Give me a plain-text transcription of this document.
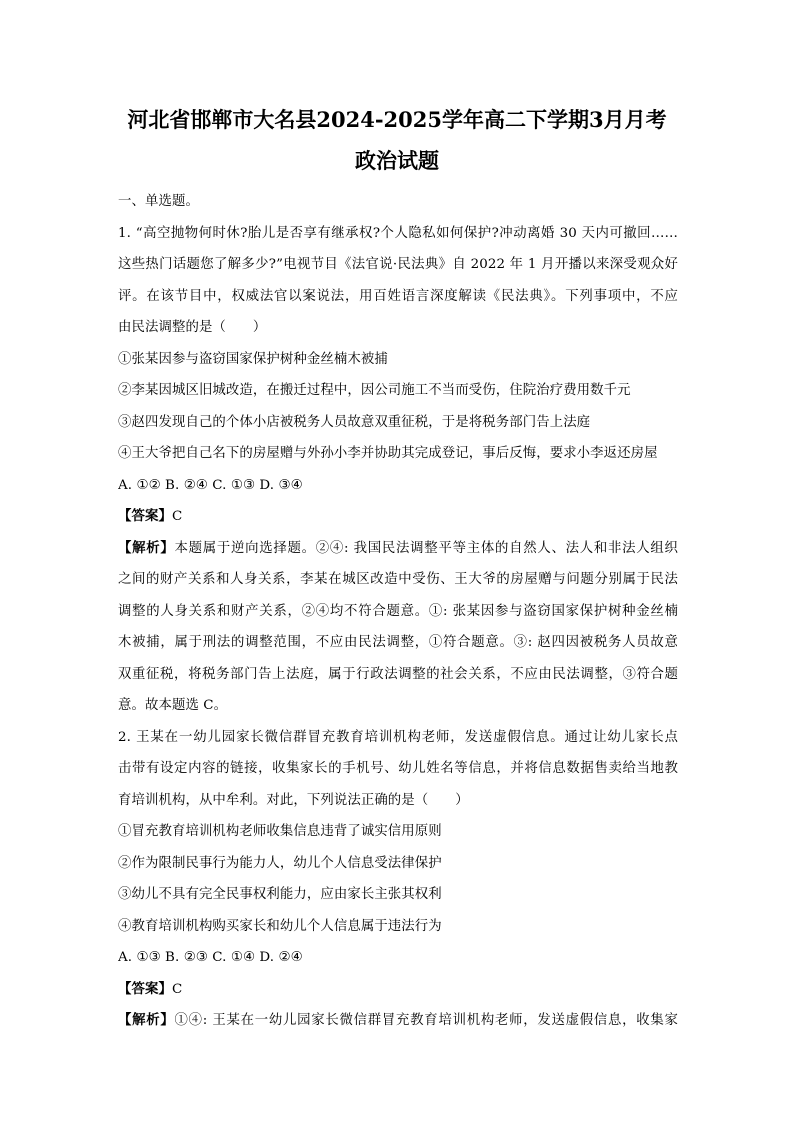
河北省邯郸市大名县2024-2025学年高二下学期3月月考
政治试题
一、单选题。
1. “高空抛物何时休?胎儿是否享有继承权?个人隐私如何保护?冲动离婚 30 天内可撤回……
这些热门话题您了解多少?”电视节目《法官说·民法典》自 2022 年 1 月开播以来深受观众好
评。在该节目中，权威法官以案说法，用百姓语言深度解读《民法典》。下列事项中，不应
由民法调整的是（　　）
①张某因参与盗窃国家保护树种金丝楠木被捕
②李某因城区旧城改造，在搬迁过程中，因公司施工不当而受伤，住院治疗费用数千元
③赵四发现自己的个体小店被税务人员故意双重征税，于是将税务部门告上法庭
④王大爷把自己名下的房屋赠与外孙小李并协助其完成登记，事后反悔，要求小李返还房屋
A. ①② B. ②④ C. ①③ D. ③④
【答案】C
【解析】本题属于逆向选择题。②④: 我国民法调整平等主体的自然人、法人和非法人组织
之间的财产关系和人身关系，李某在城区改造中受伤、王大爷的房屋赠与问题分别属于民法
调整的人身关系和财产关系，②④均不符合题意。①: 张某因参与盗窃国家保护树种金丝楠
木被捕，属于刑法的调整范围，不应由民法调整，①符合题意。③: 赵四因被税务人员故意
双重征税，将税务部门告上法庭，属于行政法调整的社会关系，不应由民法调整，③符合题
意。故本题选 C。
2. 王某在一幼儿园家长微信群冒充教育培训机构老师，发送虚假信息。通过让幼儿家长点
击带有设定内容的链接，收集家长的手机号、幼儿姓名等信息，并将信息数据售卖给当地教
育培训机构，从中牟利。对此，下列说法正确的是（　　）
①冒充教育培训机构老师收集信息违背了诚实信用原则
②作为限制民事行为能力人，幼儿个人信息受法律保护
③幼儿不具有完全民事权利能力，应由家长主张其权利
④教育培训机构购买家长和幼儿个人信息属于违法行为
A. ①③ B. ②③ C. ①④ D. ②④
【答案】C
【解析】①④: 王某在一幼儿园家长微信群冒充教育培训机构老师，发送虚假信息，收集家
